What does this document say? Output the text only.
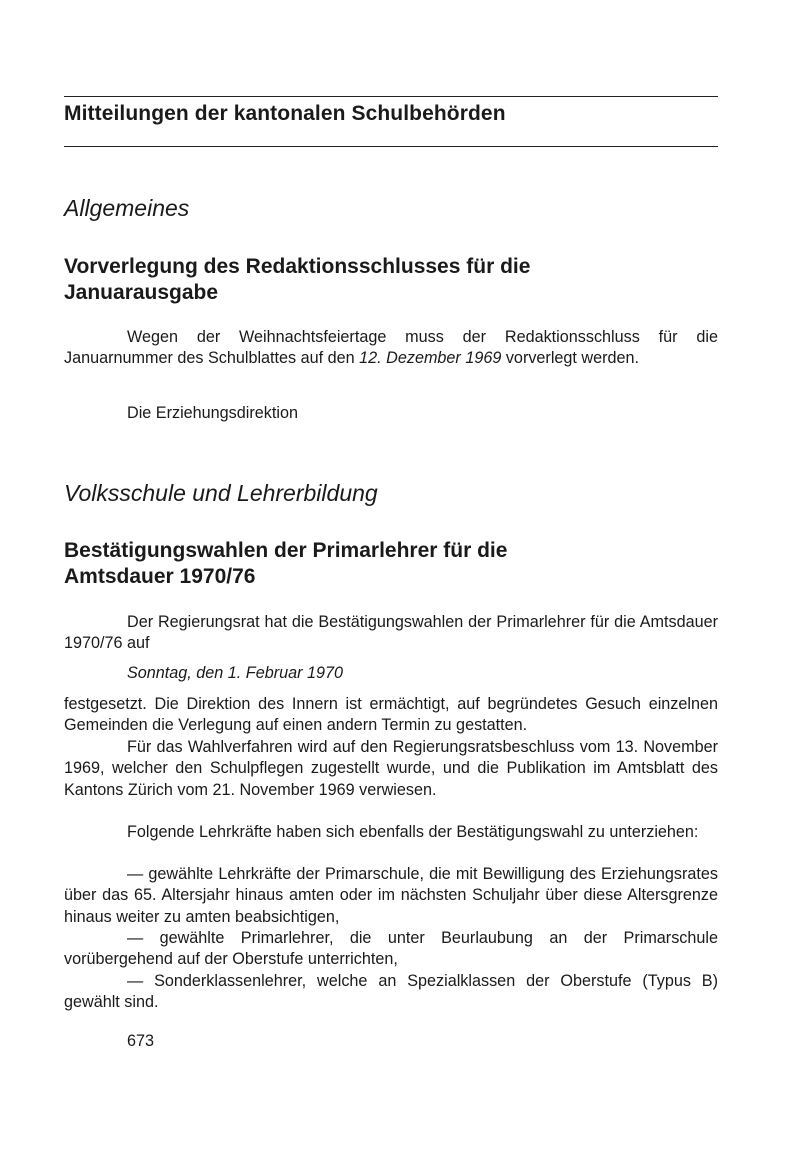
Mitteilungen der kantonalen Schulbehörden
Allgemeines
Vorverlegung des Redaktionsschlusses für die
Januarausgabe

Wegen der Weihnachtsfeiertage muss der Redaktionsschluss für die Januarnummer des Schulblattes auf den 12. Dezember 1969 vorverlegt werden.

Die Erziehungsdirektion

Volksschule und Lehrerbildung
Bestätigungswahlen der Primarlehrer für die
Amtsdauer 1970/76

Der Regierungsrat hat die Bestätigungswahlen der Primarlehrer für die Amtsdauer 1970/76 auf

Sonntag, den 1. Februar 1970

festgesetzt. Die Direktion des Innern ist ermächtigt, auf begründetes Gesuch einzelnen Gemeinden die Verlegung auf einen andern Termin zu gestatten.

Für das Wahlverfahren wird auf den Regierungsratsbeschluss vom 13. November 1969, welcher den Schulpflegen zugestellt wurde, und die Publikation im Amtsblatt des Kantons Zürich vom 21. November 1969 verwiesen.

Folgende Lehrkräfte haben sich ebenfalls der Bestätigungswahl zu unterziehen:

— gewählte Lehrkräfte der Primarschule, die mit Bewilligung des Erziehungsrates über das 65. Altersjahr hinaus amten oder im nächsten Schuljahr über diese Altersgrenze hinaus weiter zu amten beabsichtigen,

— gewählte Primarlehrer, die unter Beurlaubung an der Primarschule vorübergehend auf der Oberstufe unterrichten,

— Sonderklassenlehrer, welche an Spezialklassen der Oberstufe (Typus B) gewählt sind.

673
